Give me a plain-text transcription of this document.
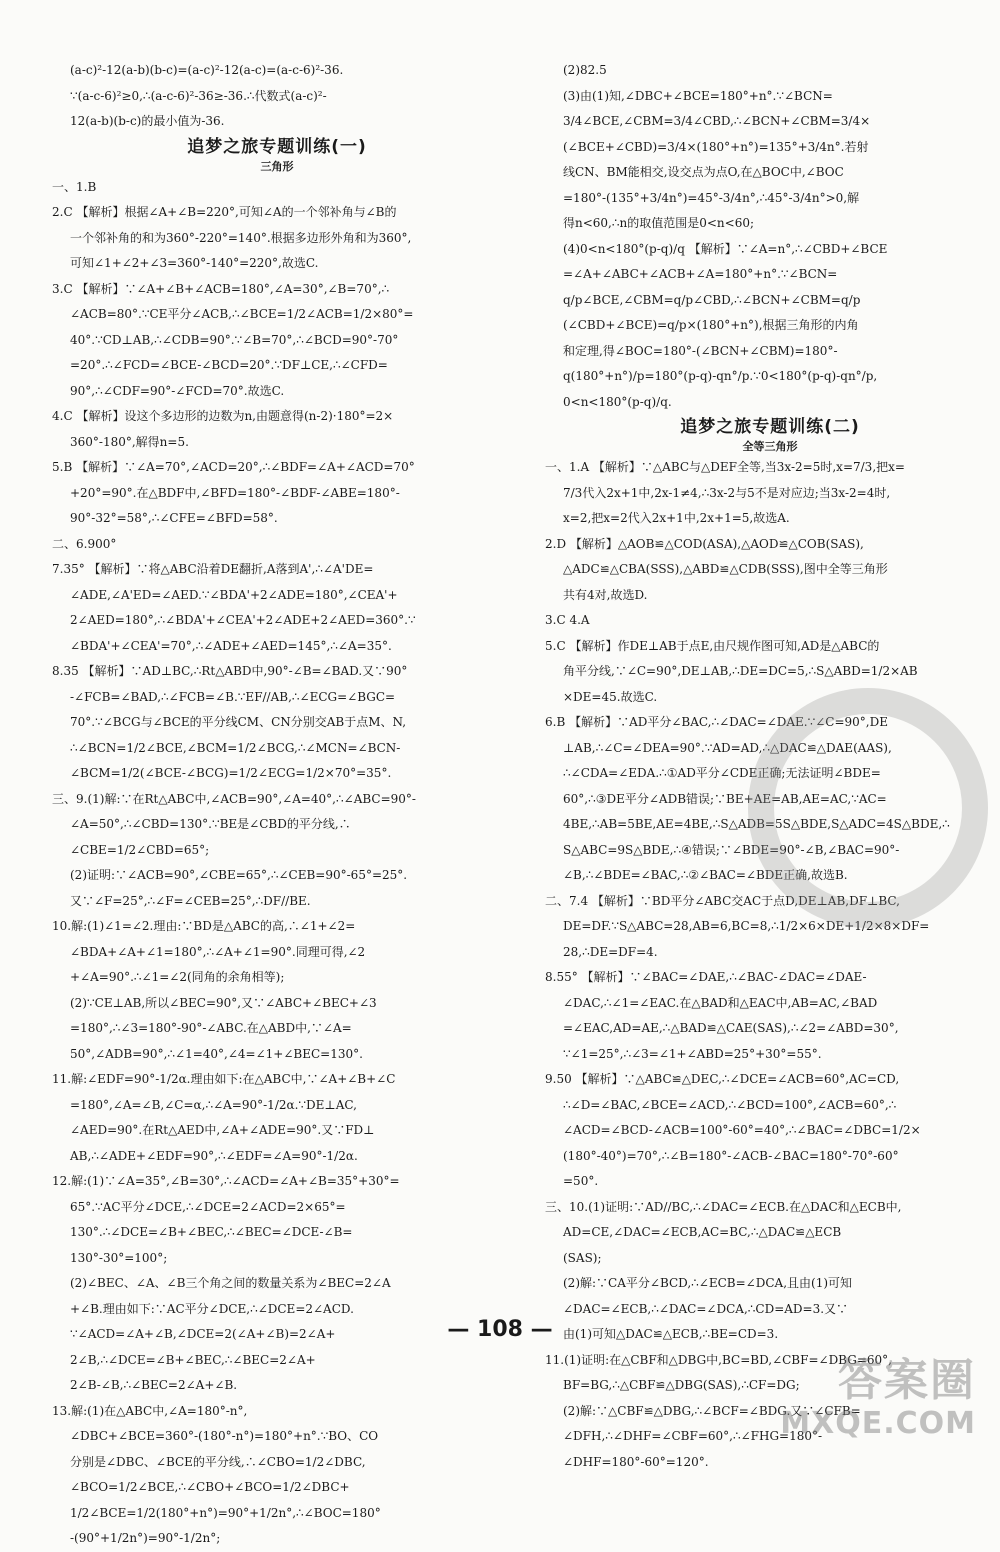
(a-c)²-12(a-b)(b-c)=(a-c)²-12(a-c)=(a-c-6)²-36.
∵(a-c-6)²≥0,∴(a-c-6)²-36≥-36.∴代数式(a-c)²-
12(a-b)(b-c)的最小值为-36.
追梦之旅专题训练(一)
三角形
一、1.B
2.C 【解析】根据∠A+∠B=220°,可知∠A的一个邻补角与∠B的
一个邻补角的和为360°-220°=140°.根据多边形外角和为360°,
可知∠1+∠2+∠3=360°-140°=220°,故选C.
3.C 【解析】∵∠A+∠B+∠ACB=180°,∠A=30°,∠B=70°,∴
∠ACB=80°.∵CE平分∠ACB,∴∠BCE=1/2∠ACB=1/2×80°=
40°.∵CD⊥AB,∴∠CDB=90°.∵∠B=70°,∴∠BCD=90°-70°
=20°.∴∠FCD=∠BCE-∠BCD=20°.∵DF⊥CE,∴∠CFD=
90°,∴∠CDF=90°-∠FCD=70°.故选C.
4.C 【解析】设这个多边形的边数为n,由题意得(n-2)·180°=2×
360°-180°,解得n=5.
5.B 【解析】∵∠A=70°,∠ACD=20°,∴∠BDF=∠A+∠ACD=70°
+20°=90°.在△BDF中,∠BFD=180°-∠BDF-∠ABE=180°-
90°-32°=58°,∴∠CFE=∠BFD=58°.
二、6.900°
7.35° 【解析】∵将△ABC沿着DE翻折,A落到A',∴∠A'DE=
∠ADE,∠A'ED=∠AED.∵∠BDA'+2∠ADE=180°,∠CEA'+
2∠AED=180°,∴∠BDA'+∠CEA'+2∠ADE+2∠AED=360°.∵
∠BDA'+∠CEA'=70°,∴∠ADE+∠AED=145°,∴∠A=35°.
8.35 【解析】∵AD⊥BC,∴Rt△ABD中,90°-∠B=∠BAD.又∵90°
-∠FCB=∠BAD,∴∠FCB=∠B.∵EF//AB,∴∠ECG=∠BGC=
70°.∵∠BCG与∠BCE的平分线CM、CN分别交AB于点M、N,
∴∠BCN=1/2∠BCE,∠BCM=1/2∠BCG,∴∠MCN=∠BCN-
∠BCM=1/2(∠BCE-∠BCG)=1/2∠ECG=1/2×70°=35°.
三、9.(1)解:∵在Rt△ABC中,∠ACB=90°,∠A=40°,∴∠ABC=90°-
∠A=50°,∴∠CBD=130°.∵BE是∠CBD的平分线,∴
∠CBE=1/2∠CBD=65°;
(2)证明:∵∠ACB=90°,∠CBE=65°,∴∠CEB=90°-65°=25°.
又∵∠F=25°,∴∠F=∠CEB=25°,∴DF//BE.
10.解:(1)∠1=∠2.理由:∵BD是△ABC的高,∴∠1+∠2=
∠BDA+∠A+∠1=180°,∴∠A+∠1=90°.同理可得,∠2
+∠A=90°.∴∠1=∠2(同角的余角相等);
(2)∵CE⊥AB,所以∠BEC=90°,又∵∠ABC+∠BEC+∠3
=180°,∴∠3=180°-90°-∠ABC.在△ABD中,∵∠A=
50°,∠ADB=90°,∴∠1=40°,∠4=∠1+∠BEC=130°.
11.解:∠EDF=90°-1/2α.理由如下:在△ABC中,∵∠A+∠B+∠C
=180°,∠A=∠B,∠C=α,∴∠A=90°-1/2α.∵DE⊥AC,
∠AED=90°.在Rt△AED中,∠A+∠ADE=90°.又∵FD⊥
AB,∴∠ADE+∠EDF=90°,∴∠EDF=∠A=90°-1/2α.
12.解:(1)∵∠A=35°,∠B=30°,∴∠ACD=∠A+∠B=35°+30°=
65°.∵AC平分∠DCE,∴∠DCE=2∠ACD=2×65°=
130°.∴∠DCE=∠B+∠BEC,∴∠BEC=∠DCE-∠B=
130°-30°=100°;
(2)∠BEC、∠A、∠B三个角之间的数量关系为∠BEC=2∠A
+∠B.理由如下:∵AC平分∠DCE,∴∠DCE=2∠ACD.
∵∠ACD=∠A+∠B,∠DCE=2(∠A+∠B)=2∠A+
2∠B,∴∠DCE=∠B+∠BEC,∴∠BEC=2∠A+
2∠B-∠B,∴∠BEC=2∠A+∠B.
13.解:(1)在△ABC中,∠A=180°-n°,
∠DBC+∠BCE=360°-(180°-n°)=180°+n°.∵BO、CO
分别是∠DBC、∠BCE的平分线,∴∠CBO=1/2∠DBC,
∠BCO=1/2∠BCE,∴∠CBO+∠BCO=1/2∠DBC+
1/2∠BCE=1/2(180°+n°)=90°+1/2n°,∴∠BOC=180°
-(90°+1/2n°)=90°-1/2n°;
(2)82.5
(3)由(1)知,∠DBC+∠BCE=180°+n°.∵∠BCN=
3/4∠BCE,∠CBM=3/4∠CBD,∴∠BCN+∠CBM=3/4×
(∠BCE+∠CBD)=3/4×(180°+n°)=135°+3/4n°.若射
线CN、BM能相交,设交点为点O,在△BOC中,∠BOC
=180°-(135°+3/4n°)=45°-3/4n°,∴45°-3/4n°>0,解
得n<60,∴n的取值范围是0<n<60;
(4)0<n<180°(p-q)/q 【解析】∵∠A=n°,∴∠CBD+∠BCE
=∠A+∠ABC+∠ACB+∠A=180°+n°.∵∠BCN=
q/p∠BCE,∠CBM=q/p∠CBD,∴∠BCN+∠CBM=q/p
(∠CBD+∠BCE)=q/p×(180°+n°),根据三角形的内角
和定理,得∠BOC=180°-(∠BCN+∠CBM)=180°-
q(180°+n°)/p=180°(p-q)-qn°/p.∵0<180°(p-q)-qn°/p,
0<n<180°(p-q)/q.
追梦之旅专题训练(二)
全等三角形
一、1.A 【解析】∵△ABC与△DEF全等,当3x-2=5时,x=7/3,把x=
7/3代入2x+1中,2x-1≠4,∴3x-2与5不是对应边;当3x-2=4时,
x=2,把x=2代入2x+1中,2x+1=5,故选A.
2.D 【解析】△AOB≌△COD(ASA),△AOD≌△COB(SAS),
△ADC≌△CBA(SSS),△ABD≌△CDB(SSS),图中全等三角形
共有4对,故选D.
3.C 4.A
5.C 【解析】作DE⊥AB于点E,由尺规作图可知,AD是△ABC的
角平分线,∵∠C=90°,DE⊥AB,∴DE=DC=5,∴S△ABD=1/2×AB
×DE=45.故选C.
6.B 【解析】∵AD平分∠BAC,∴∠DAC=∠DAE.∵∠C=90°,DE
⊥AB,∴∠C=∠DEA=90°.∵AD=AD,∴△DAC≌△DAE(AAS),
∴∠CDA=∠EDA.∴①AD平分∠CDE正确;无法证明∠BDE=
60°,∴③DE平分∠ADB错误;∵BE+AE=AB,AE=AC,∵AC=
4BE,∴AB=5BE,AE=4BE,∴S△ADB=5S△BDE,S△ADC=4S△BDE,∴
S△ABC=9S△BDE,∴④错误;∵∠BDE=90°-∠B,∠BAC=90°-
∠B,∴∠BDE=∠BAC,∴②∠BAC=∠BDE正确,故选B.
二、7.4 【解析】∵BD平分∠ABC交AC于点D,DE⊥AB,DF⊥BC,
DE=DF.∵S△ABC=28,AB=6,BC=8,∴1/2×6×DE+1/2×8×DF=
28,∴DE=DF=4.
8.55° 【解析】∵∠BAC=∠DAE,∴∠BAC-∠DAC=∠DAE-
∠DAC,∴∠1=∠EAC.在△BAD和△EAC中,AB=AC,∠BAD
=∠EAC,AD=AE,∴△BAD≌△CAE(SAS),∴∠2=∠ABD=30°,
∵∠1=25°,∴∠3=∠1+∠ABD=25°+30°=55°.
9.50 【解析】∵△ABC≌△DEC,∴∠DCE=∠ACB=60°,AC=CD,
∴∠D=∠BAC,∠BCE=∠ACD,∴∠BCD=100°,∠ACB=60°,∴
∠ACD=∠BCD-∠ACB=100°-60°=40°,∴∠BAC=∠DBC=1/2×
(180°-40°)=70°,∴∠B=180°-∠ACB-∠BAC=180°-70°-60°
=50°.
三、10.(1)证明:∵AD//BC,∴∠DAC=∠ECB.在△DAC和△ECB中,
AD=CE,∠DAC=∠ECB,AC=BC,∴△DAC≌△ECB
(SAS);
(2)解:∵CA平分∠BCD,∴∠ECB=∠DCA,且由(1)可知
∠DAC=∠ECB,∴∠DAC=∠DCA,∴CD=AD=3.又∵
由(1)可知△DAC≌△ECB,∴BE=CD=3.
11.(1)证明:在△CBF和△DBG中,BC=BD,∠CBF=∠DBG=60°,
BF=BG,∴△CBF≌△DBG(SAS),∴CF=DG;
(2)解:∵△CBF≌△DBG,∴∠BCF=∠BDG.又∵∠CFB=
∠DFH,∴∠DHF=∠CBF=60°,∴∠FHG=180°-
∠DHF=180°-60°=120°.
— 108 —
答案圈
MXQE.COM
